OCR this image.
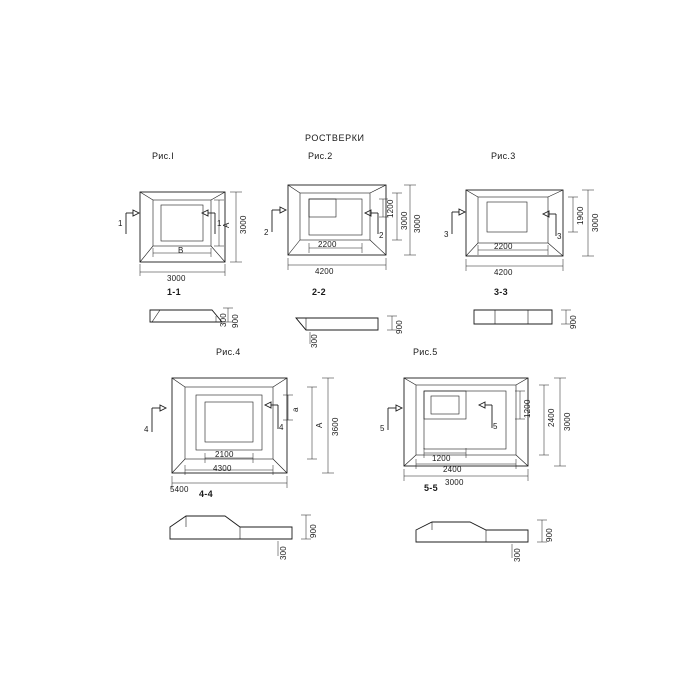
РОСТВЕРКИ
Рис.I	Рис.2	Рис.3
Рис.4	Рис.5
3000
B
3000
A
1	1
4200
2200
3000
3000
1200
2	2
4200
2200
3000
1900
3	3
1-1	2-2	3-3
4-4
5-5
900
300
900
300
900
900
300
900
300
5400
4300
2100
3600
A
a
4	4
3000
2400
1200
3000
2400
1200
5	5
